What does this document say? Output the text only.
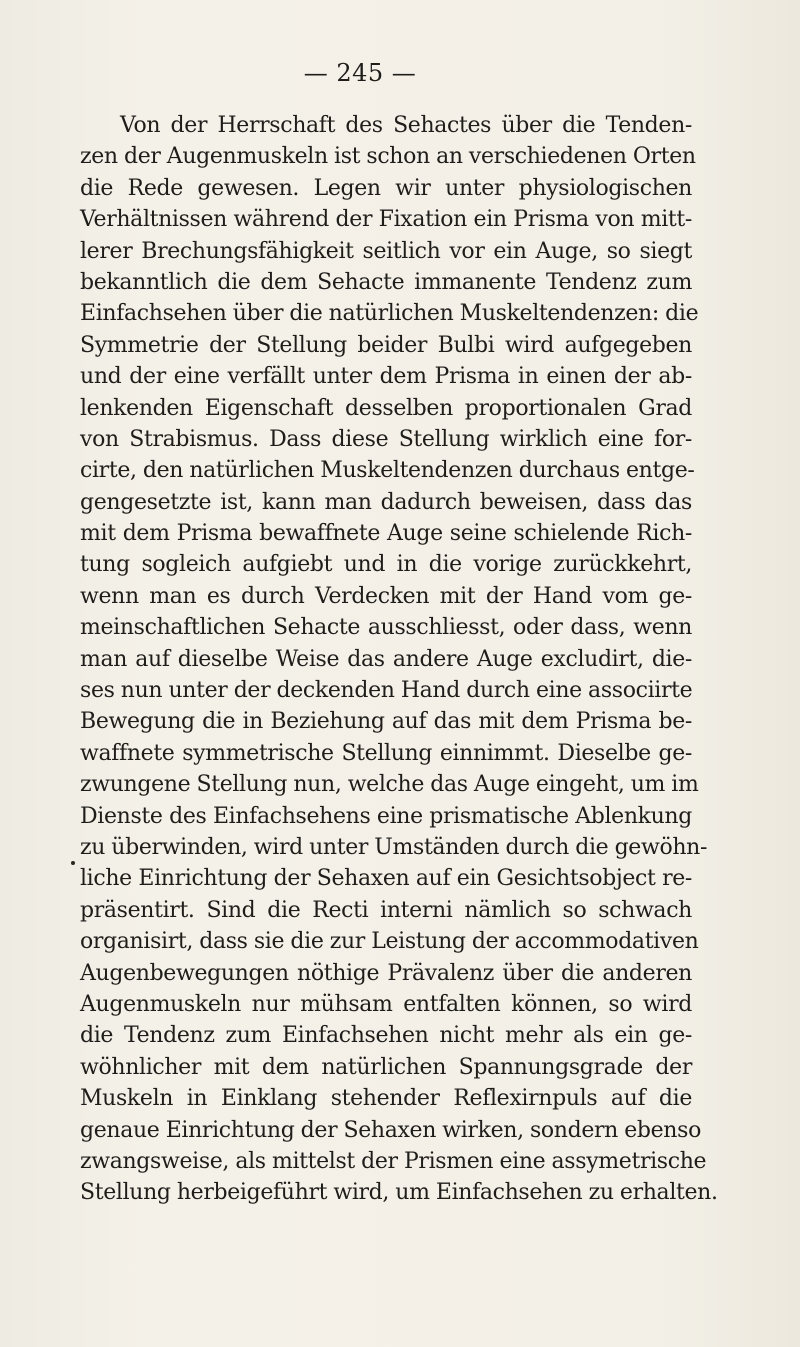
— 245 —
Von der Herrschaft des Sehactes über die Tenden-
zen der Augenmuskeln ist schon an verschiedenen Orten
die Rede gewesen. Legen wir unter physiologischen
Verhältnissen während der Fixation ein Prisma von mitt-
lerer Brechungsfähigkeit seitlich vor ein Auge, so siegt
bekanntlich die dem Sehacte immanente Tendenz zum
Einfachsehen über die natürlichen Muskeltendenzen: die
Symmetrie der Stellung beider Bulbi wird aufgegeben
und der eine verfällt unter dem Prisma in einen der ab-
lenkenden Eigenschaft desselben proportionalen Grad
von Strabismus. Dass diese Stellung wirklich eine for-
cirte, den natürlichen Muskeltendenzen durchaus entge-
gengesetzte ist, kann man dadurch beweisen, dass das
mit dem Prisma bewaffnete Auge seine schielende Rich-
tung sogleich aufgiebt und in die vorige zurückkehrt,
wenn man es durch Verdecken mit der Hand vom ge-
meinschaftlichen Sehacte ausschliesst, oder dass, wenn
man auf dieselbe Weise das andere Auge excludirt, die-
ses nun unter der deckenden Hand durch eine associirte
Bewegung die in Beziehung auf das mit dem Prisma be-
waffnete symmetrische Stellung einnimmt. Dieselbe ge-
zwungene Stellung nun, welche das Auge eingeht, um im
Dienste des Einfachsehens eine prismatische Ablenkung
zu überwinden, wird unter Umständen durch die gewöhn-
liche Einrichtung der Sehaxen auf ein Gesichtsobject re-
präsentirt. Sind die Recti interni nämlich so schwach
organisirt, dass sie die zur Leistung der accommodativen
Augenbewegungen nöthige Prävalenz über die anderen
Augenmuskeln nur mühsam entfalten können, so wird
die Tendenz zum Einfachsehen nicht mehr als ein ge-
wöhnlicher mit dem natürlichen Spannungsgrade der
Muskeln in Einklang stehender Reflexirnpuls auf die
genaue Einrichtung der Sehaxen wirken, sondern ebenso
zwangsweise, als mittelst der Prismen eine assymetrische
Stellung herbeigeführt wird, um Einfachsehen zu erhalten.
